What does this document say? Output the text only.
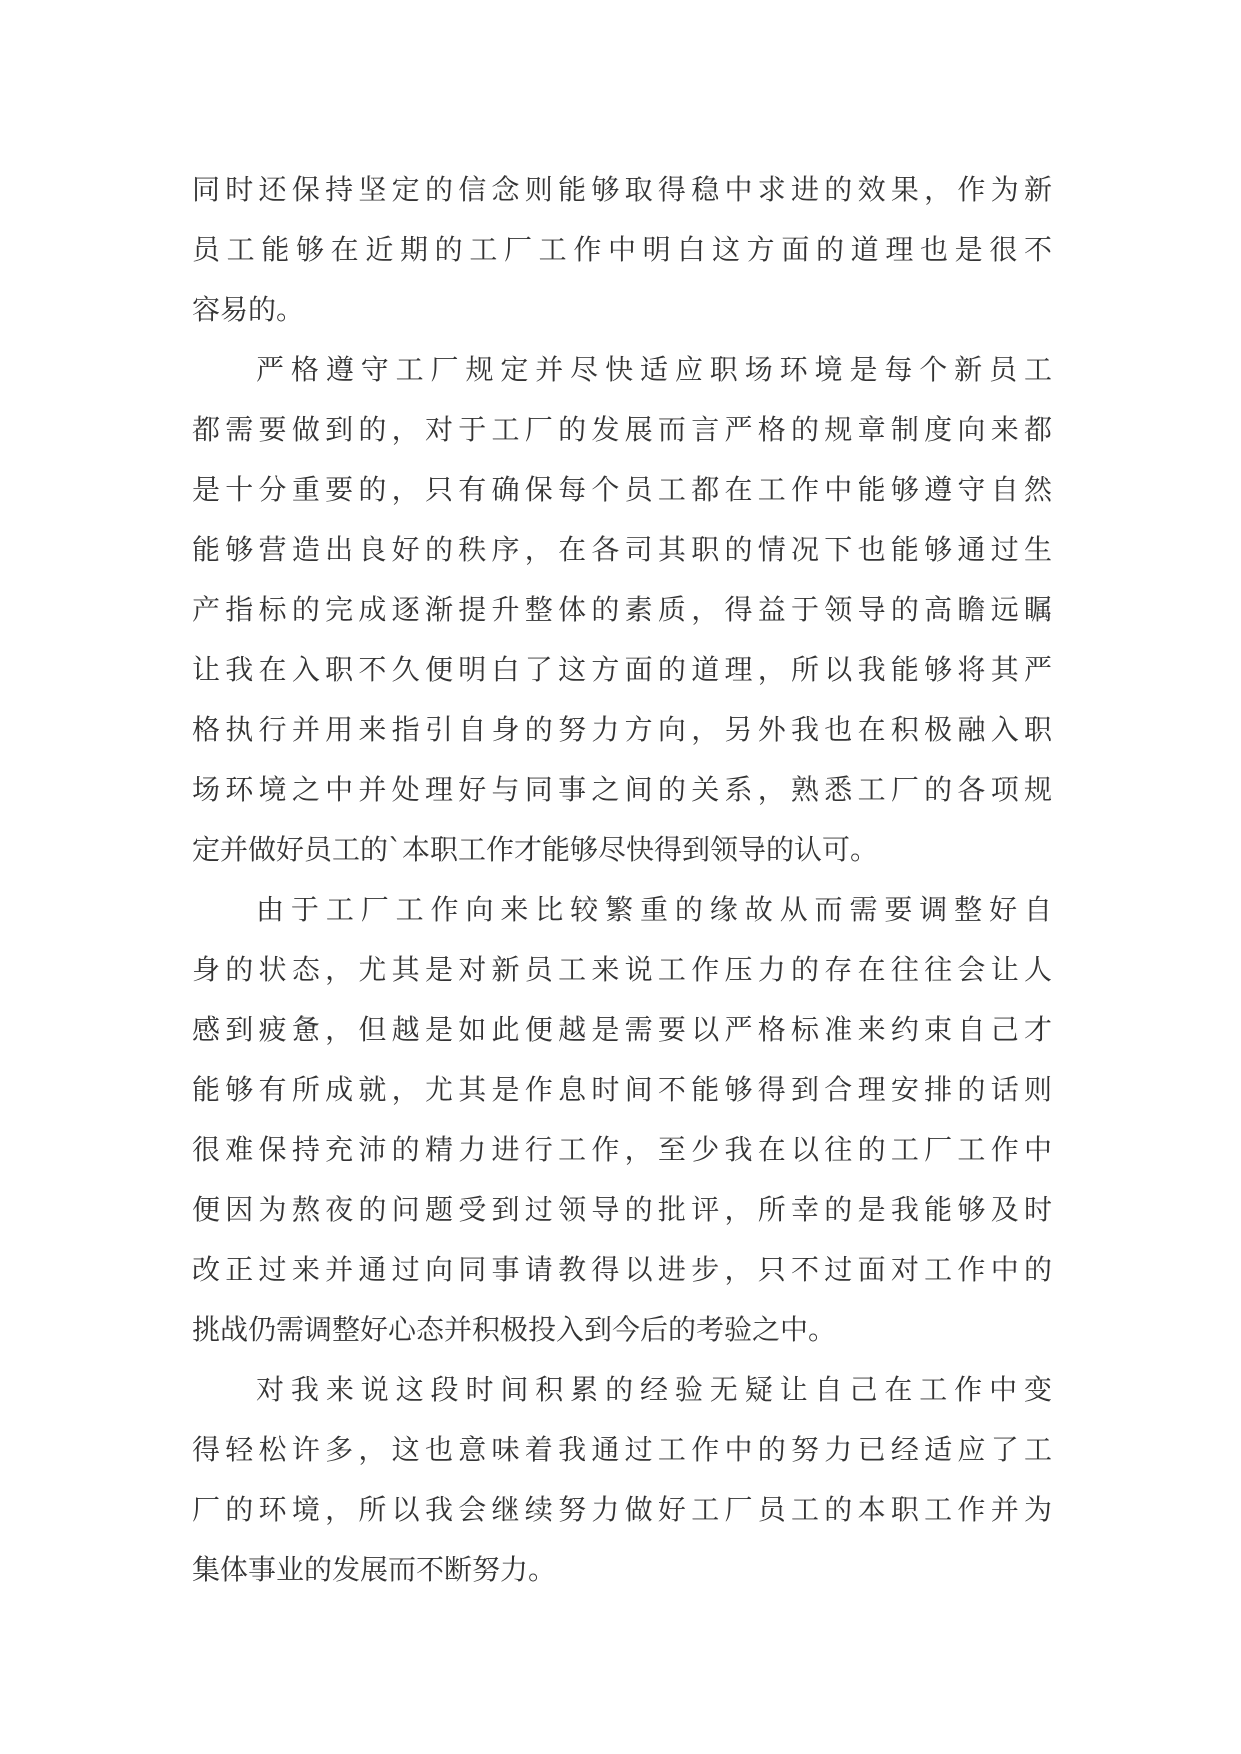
同时还保持坚定的信念则能够取得稳中求进的效果，作为新
员工能够在近期的工厂工作中明白这方面的道理也是很不
容易的。
严格遵守工厂规定并尽快适应职场环境是每个新员工
都需要做到的，对于工厂的发展而言严格的规章制度向来都
是十分重要的，只有确保每个员工都在工作中能够遵守自然
能够营造出良好的秩序，在各司其职的情况下也能够通过生
产指标的完成逐渐提升整体的素质，得益于领导的高瞻远瞩
让我在入职不久便明白了这方面的道理，所以我能够将其严
格执行并用来指引自身的努力方向，另外我也在积极融入职
场环境之中并处理好与同事之间的关系，熟悉工厂的各项规
定并做好员工的`本职工作才能够尽快得到领导的认可。
由于工厂工作向来比较繁重的缘故从而需要调整好自
身的状态，尤其是对新员工来说工作压力的存在往往会让人
感到疲惫，但越是如此便越是需要以严格标准来约束自己才
能够有所成就，尤其是作息时间不能够得到合理安排的话则
很难保持充沛的精力进行工作，至少我在以往的工厂工作中
便因为熬夜的问题受到过领导的批评，所幸的是我能够及时
改正过来并通过向同事请教得以进步，只不过面对工作中的
挑战仍需调整好心态并积极投入到今后的考验之中。
对我来说这段时间积累的经验无疑让自己在工作中变
得轻松许多，这也意味着我通过工作中的努力已经适应了工
厂的环境，所以我会继续努力做好工厂员工的本职工作并为
集体事业的发展而不断努力。
